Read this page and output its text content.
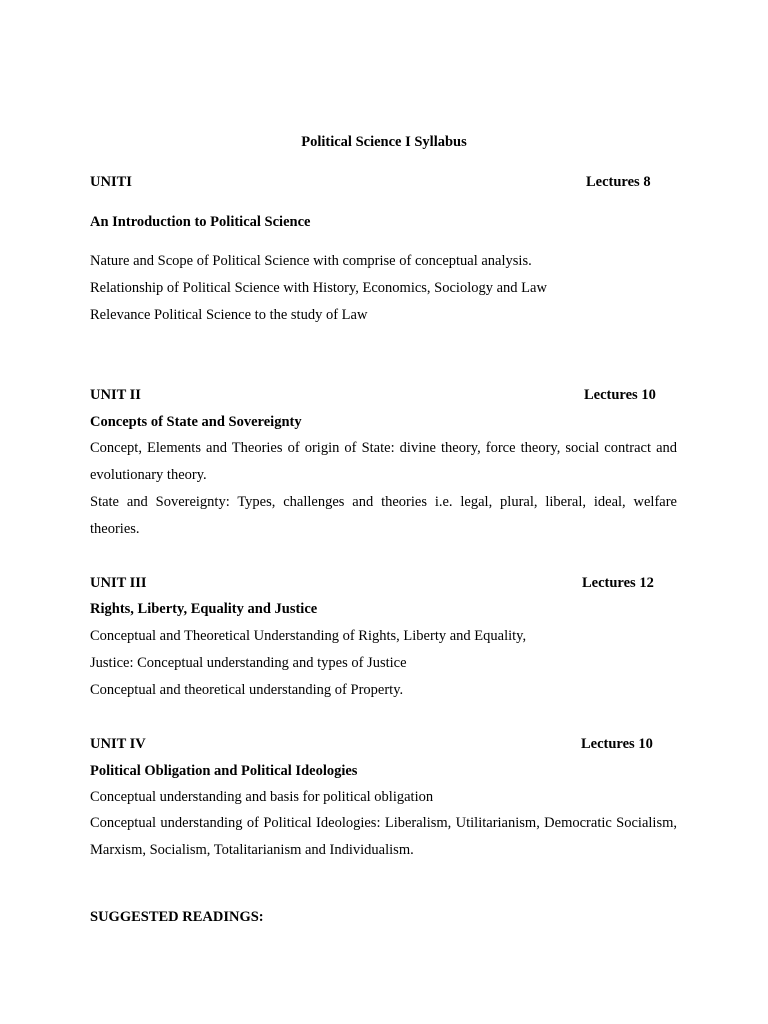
Political Science I Syllabus
UNITI	Lectures 8
An Introduction to Political Science
Nature and Scope of Political Science with comprise of conceptual analysis.
Relationship of Political Science with History, Economics, Sociology and Law
Relevance Political Science to the study of Law
UNIT II	Lectures 10
Concepts of State and Sovereignty
Concept, Elements and Theories of origin of State: divine theory, force theory, social contract and evolutionary theory.
State and Sovereignty: Types, challenges and theories i.e. legal, plural, liberal, ideal, welfare theories.
UNIT III	Lectures 12
Rights, Liberty, Equality and Justice
Conceptual and Theoretical Understanding of Rights, Liberty and Equality,
Justice: Conceptual understanding and types of Justice
Conceptual and theoretical understanding of Property.
UNIT IV	Lectures 10
Political Obligation and Political Ideologies
Conceptual understanding and basis for political obligation
Conceptual understanding of Political Ideologies: Liberalism, Utilitarianism, Democratic Socialism, Marxism, Socialism, Totalitarianism and Individualism.
SUGGESTED READINGS:
